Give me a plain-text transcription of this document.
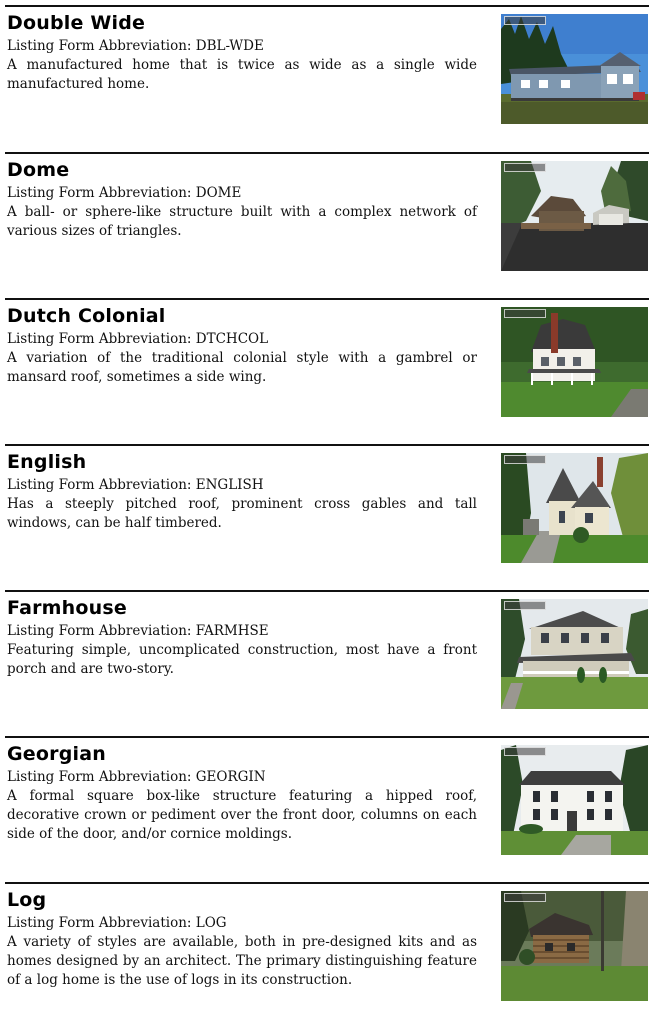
Double Wide
Listing Form Abbreviation: DBL-WDE
A manufactured home that is twice as wide as a single wide manufactured home.
Dome
Listing Form Abbreviation: DOME
A ball- or sphere-like structure built with a complex network of various sizes of triangles.
Dutch Colonial
Listing Form Abbreviation: DTCHCOL
A variation of the traditional colonial style with a gambrel or mansard roof, sometimes a side wing.
English
Listing Form Abbreviation: ENGLISH
Has a steeply pitched roof, prominent cross gables and tall windows, can be half timbered.
Farmhouse
Listing Form Abbreviation: FARMHSE
Featuring simple, uncomplicated construction, most have a front porch and are two-story.
Georgian
Listing Form Abbreviation: GEORGIN
A formal square box-like structure featuring a hipped roof, decorative crown or pediment over the front door, columns on each side of the door, and/or cornice moldings.
Log
Listing Form Abbreviation: LOG
A variety of styles are available, both in pre-designed kits and as homes designed by an architect. The primary distinguishing feature of a log home is the use of logs in its construction.
